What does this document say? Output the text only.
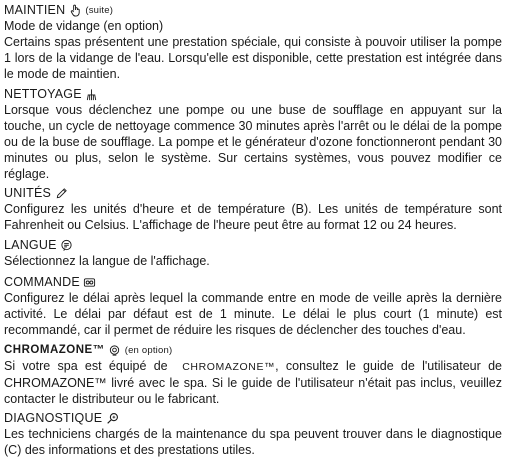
MAINTIEN (suite)

Mode de vidange (en option)

Certains spas présentent une prestation spéciale, qui consiste à pouvoir utiliser la pompe 1 lors de la vidange de l'eau. Lorsqu'elle est disponible, cette prestation est intégrée dans le mode de maintien.

NETTOYAGE

Lorsque vous déclenchez une pompe ou une buse de soufflage en appuyant sur la touche, un cycle de nettoyage commence 30 minutes après l'arrêt ou le délai de la pompe ou de la buse de soufflage. La pompe et le générateur d'ozone fonctionneront pendant 30 minutes ou plus, selon le système. Sur certains systèmes, vous pouvez modifier ce réglage.

UNITÉS

Configurez les unités d'heure et de température (B). Les unités de température sont Fahrenheit ou Celsius. L'affichage de l'heure peut être au format 12 ou 24 heures.

LANGUE

Sélectionnez la langue de l'affichage.

COMMANDE

Configurez le délai après lequel la commande entre en mode de veille après la dernière activité. Le délai par défaut est de 1 minute. Le délai le plus court (1 minute) est recommandé, car il permet de réduire les risques de déclencher des touches d'eau.

CHROMAZONE™ (en option)

Si votre spa est équipé de CHROMAZONE™, consultez le guide de l'utilisateur de CHROMAZONE™ livré avec le spa. Si le guide de l'utilisateur n'était pas inclus, veuillez contacter le distributeur ou le fabricant.

DIAGNOSTIQUE

Les techniciens chargés de la maintenance du spa peuvent trouver dans le diagnostique (C) des informations et des prestations utiles.
